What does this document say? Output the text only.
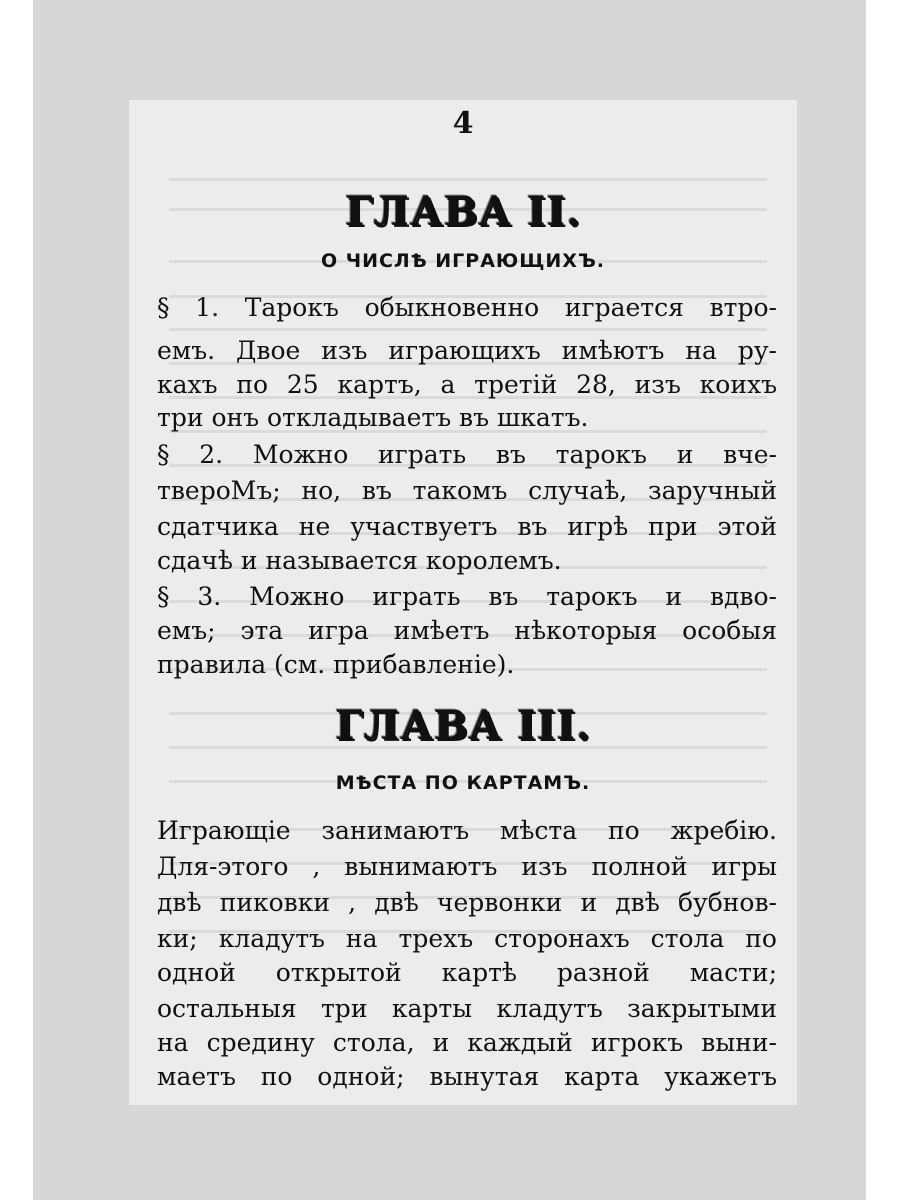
4
ГЛАВА II.
О ЧИСЛѢ ИГРАЮЩИХЪ.
§ 1. Тарокъ обыкновенно играется втро-
емъ. Двое изъ играющихъ имѣютъ на ру-
кахъ по 25 картъ, а третій 28, изъ коихъ
три онъ откладываетъ въ шкатъ.
§ 2. Можно играть въ тарокъ и вче-
твероМъ; но, въ такомъ случаѣ, заручный
сдатчика не участвуетъ въ игрѣ при этой
сдачѣ и называется королемъ.
§ 3. Можно играть въ тарокъ и вдво-
емъ; эта игра имѣетъ нѣкоторыя особыя
правила (см. прибавленіе).
ГЛАВА III.
МѢСТА ПО КАРТАМЪ.
Играющіе занимаютъ мѣста по жребію.
Для-этого , вынимаютъ изъ полной игры
двѣ пиковки , двѣ червонки и двѣ бубнов-
ки; кладутъ на трехъ сторонахъ стола по
одной открытой картѣ разной масти;
остальныя три карты кладутъ закрытыми
на средину стола, и каждый игрокъ выни-
маетъ по одной; вынутая карта укажетъ
